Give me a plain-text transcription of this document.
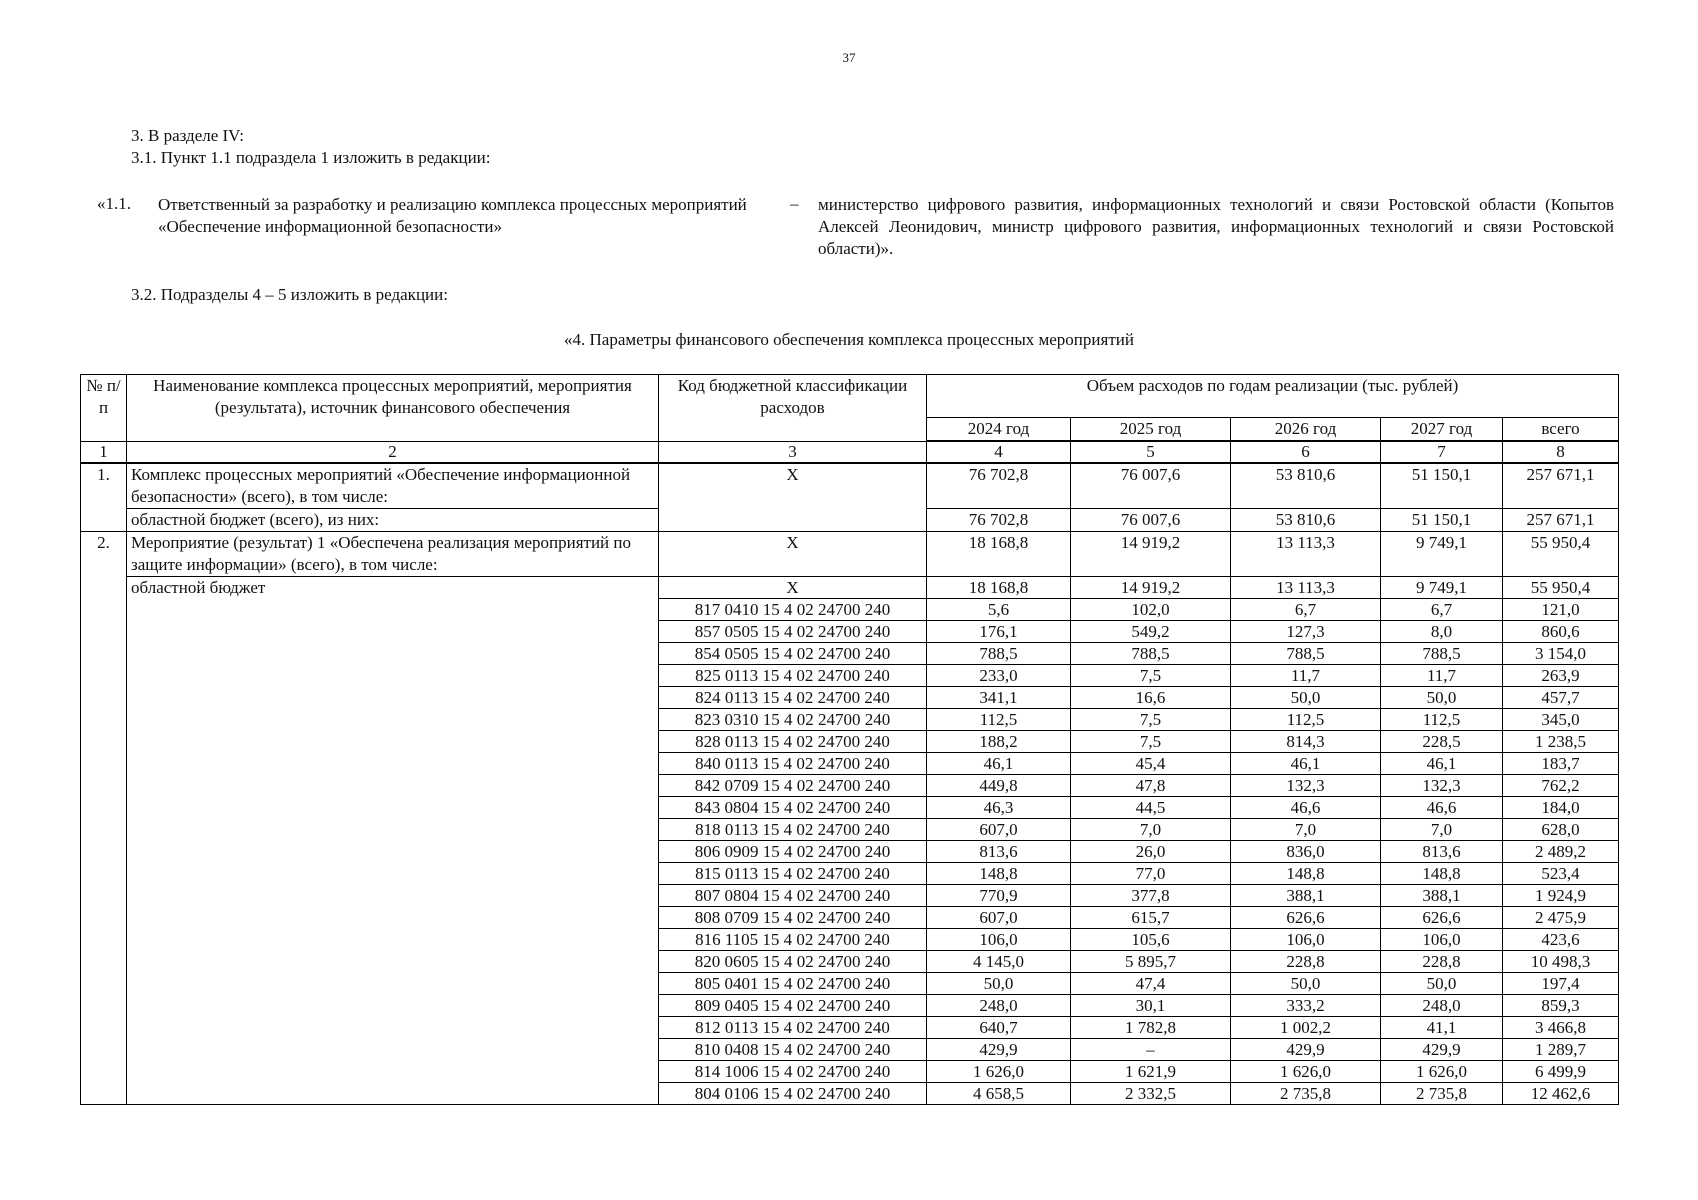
37
3. В разделе IV:
3.1. Пункт 1.1 подраздела 1 изложить в редакции:
«1.1. Ответственный за разработку и реализацию комплекса процессных мероприятий «Обеспечение информационной безопасности»
– министерство цифрового развития, информационных технологий и связи Ростовской области (Копытов Алексей Леонидович, министр цифрового развития, информационных технологий и связи Ростовской области)».
3.2. Подразделы 4 – 5 изложить в редакции:
«4. Параметры финансового обеспечения комплекса процессных мероприятий
№ п/п	Наименование комплекса процессных мероприятий, мероприятия (результата), источник финансового обеспечения	Код бюджетной классификации расходов	Объем расходов по годам реализации (тыс. рублей)				
			2024 год	2025 год	2026 год	2027 год	всего
1	2	3	4	5	6	7	8
1.	Комплекс процессных мероприятий «Обеспечение информационной безопасности» (всего), в том числе:	X	76 702,8	76 007,6	53 810,6	51 150,1	257 671,1
	областной бюджет (всего), из них:		76 702,8	76 007,6	53 810,6	51 150,1	257 671,1
2.	Мероприятие (результат) 1 «Обеспечена реализация мероприятий по защите информации» (всего), в том числе:	X	18 168,8	14 919,2	13 113,3	9 749,1	55 950,4
	областной бюджет	X	18 168,8	14 919,2	13 113,3	9 749,1	55 950,4
		817 0410 15 4 02 24700 240	5,6	102,0	6,7	6,7	121,0
		857 0505 15 4 02 24700 240	176,1	549,2	127,3	8,0	860,6
		854 0505 15 4 02 24700 240	788,5	788,5	788,5	788,5	3 154,0
		825 0113 15 4 02 24700 240	233,0	7,5	11,7	11,7	263,9
		824 0113 15 4 02 24700 240	341,1	16,6	50,0	50,0	457,7
		823 0310 15 4 02 24700 240	112,5	7,5	112,5	112,5	345,0
		828 0113 15 4 02 24700 240	188,2	7,5	814,3	228,5	1 238,5
		840 0113 15 4 02 24700 240	46,1	45,4	46,1	46,1	183,7
		842 0709 15 4 02 24700 240	449,8	47,8	132,3	132,3	762,2
		843 0804 15 4 02 24700 240	46,3	44,5	46,6	46,6	184,0
		818 0113 15 4 02 24700 240	607,0	7,0	7,0	7,0	628,0
		806 0909 15 4 02 24700 240	813,6	26,0	836,0	813,6	2 489,2
		815 0113 15 4 02 24700 240	148,8	77,0	148,8	148,8	523,4
		807 0804 15 4 02 24700 240	770,9	377,8	388,1	388,1	1 924,9
		808 0709 15 4 02 24700 240	607,0	615,7	626,6	626,6	2 475,9
		816 1105 15 4 02 24700 240	106,0	105,6	106,0	106,0	423,6
		820 0605 15 4 02 24700 240	4 145,0	5 895,7	228,8	228,8	10 498,3
		805 0401 15 4 02 24700 240	50,0	47,4	50,0	50,0	197,4
		809 0405 15 4 02 24700 240	248,0	30,1	333,2	248,0	859,3
		812 0113 15 4 02 24700 240	640,7	1 782,8	1 002,2	41,1	3 466,8
		810 0408 15 4 02 24700 240	429,9	–	429,9	429,9	1 289,7
		814 1006 15 4 02 24700 240	1 626,0	1 621,9	1 626,0	1 626,0	6 499,9
		804 0106 15 4 02 24700 240	4 658,5	2 332,5	2 735,8	2 735,8	12 462,6
